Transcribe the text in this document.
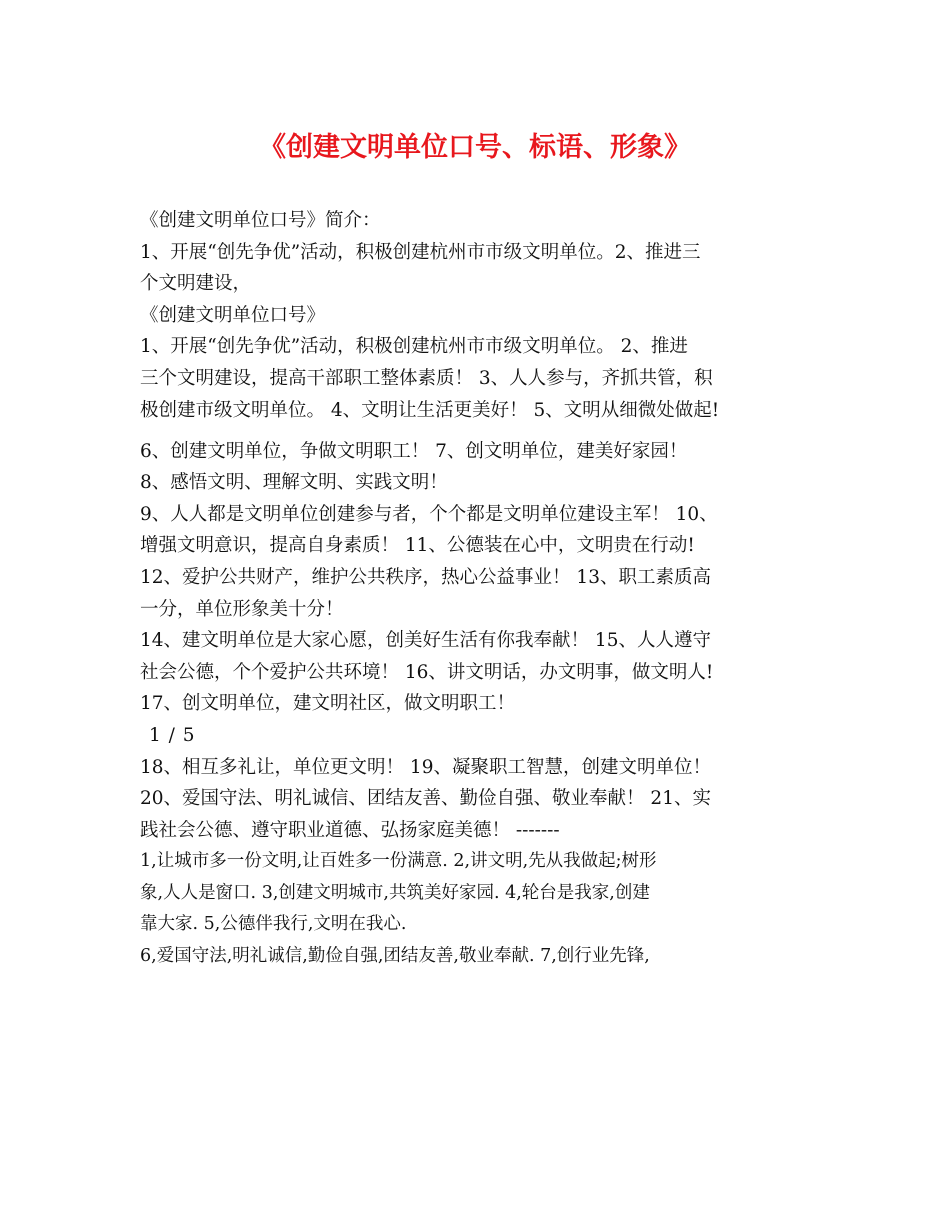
《创建文明单位口号、标语、形象》
《创建文明单位口号》简介：
1、开展“创先争优”活动，积极创建杭州市市级文明单位。2、推进三
个文明建设，
《创建文明单位口号》
1、开展“创先争优”活动，积极创建杭州市市级文明单位。 2、推进
三个文明建设，提高干部职工整体素质！ 3、人人参与，齐抓共管，积
极创建市级文明单位。 4、文明让生活更美好！ 5、文明从细微处做起!
6、创建文明单位，争做文明职工！ 7、创文明单位，建美好家园！
8、感悟文明、理解文明、实践文明！
9、人人都是文明单位创建参与者，个个都是文明单位建设主军！ 10、
增强文明意识，提高自身素质！ 11、公德装在心中，文明贵在行动!
12、爱护公共财产，维护公共秩序，热心公益事业！ 13、职工素质高
一分，单位形象美十分！
14、建文明单位是大家心愿，创美好生活有你我奉献！ 15、人人遵守
社会公德，个个爱护公共环境！ 16、讲文明话，办文明事，做文明人!
17、创文明单位，建文明社区，做文明职工！
1 / 5
18、相互多礼让，单位更文明！ 19、凝聚职工智慧，创建文明单位！
20、爱国守法、明礼诚信、团结友善、勤俭自强、敬业奉献！ 21、实
践社会公德、遵守职业道德、弘扬家庭美德！ -------
1,让城市多一份文明,让百姓多一份满意. 2,讲文明,先从我做起;树形
象,人人是窗口. 3,创建文明城市,共筑美好家园. 4,轮台是我家,创建
靠大家. 5,公德伴我行,文明在我心.
6,爱国守法,明礼诚信,勤俭自强,团结友善,敬业奉献. 7,创行业先锋,
